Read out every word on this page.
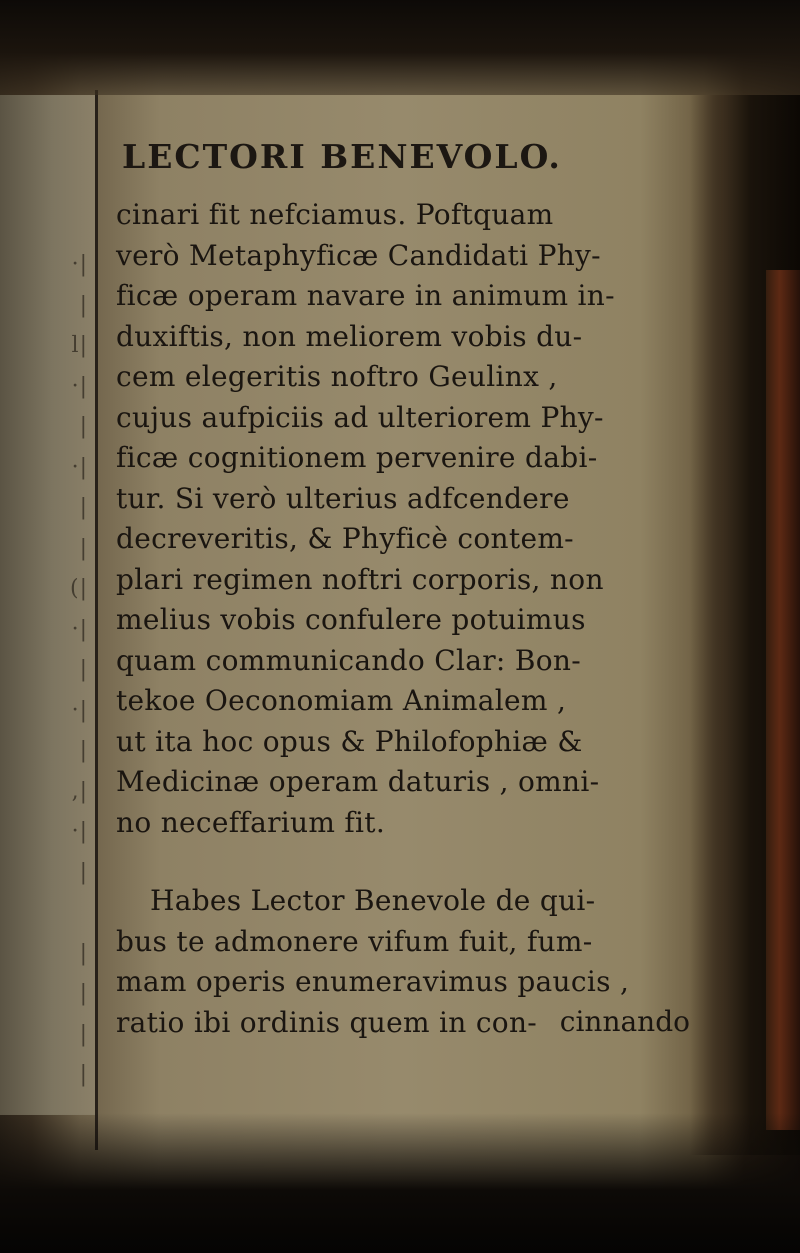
·|
|
l|
·|
|
·|
|
|
(|
·|
|
·|
|
,|
·|
|
|
|
|
|
LECTORI BENEVOLO.
cinari fit nefciamus. Poftquam
verò Metaphyficæ Candidati Phy-
ficæ operam navare in animum in-
duxiftis, non meliorem vobis du-
cem elegeritis noftro Geulinx ,
cujus aufpiciis ad ulteriorem Phy-
ficæ cognitionem pervenire dabi-
tur. Si verò ulterius adfcendere
decreveritis, & Phyficè contem-
plari regimen noftri corporis, non
melius vobis confulere potuimus
quam communicando Clar: Bon-
tekoe Oeconomiam Animalem ,
ut ita hoc opus & Philofophiæ &
Medicinæ operam daturis , omni-
no neceffarium fit.
Habes Lector Benevole de qui-
bus te admonere vifum fuit, fum-
mam operis enumeravimus paucis ,
ratio ibi ordinis quem in con- cinnando
